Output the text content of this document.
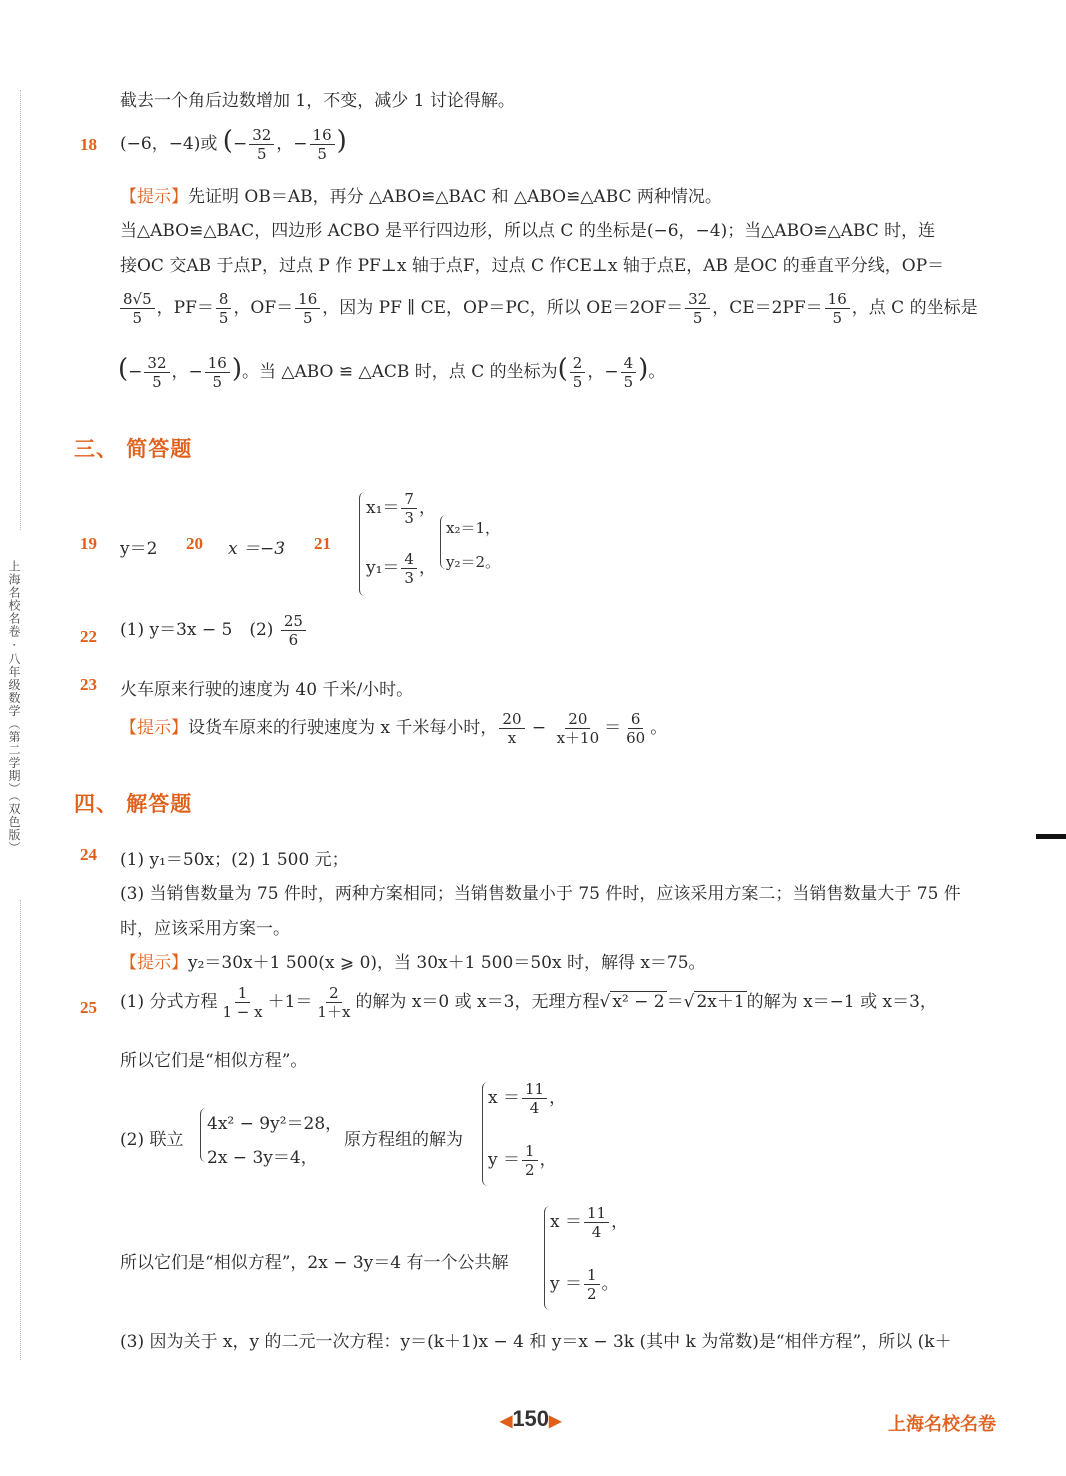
上海名校名卷 · 八年级数学（第二学期）（双色版）
截去一个角后边数增加 1，不变，减少 1 讨论得解。
18 (−6，−4)或 (− $\frac{32}{5}$ ，− $\frac{16}{5}$ )
【提示】先证明 OB＝AB，再分 △ABO≌△BAC 和 △ABO≌△ABC 两种情况。
当△ABO≌△BAC，四边形 ACBO 是平行四边形，所以点 C 的坐标是(−6，−4)；当△ABO≌△ABC 时，连
接OC 交AB 于点P，过点 P 作 PF⊥x 轴于点F，过点 C 作CE⊥x 轴于点E，AB 是OC 的垂直平分线，OP＝
$\frac{8√5}{5}$ ，$PF= \frac{8}{5}$ ，$OF= \frac{16}{5}$ ，因为 PF ∥ CE，OP＝PC，所以 $OE=2OF= \frac{32}{5}$ ，$CE=2PF= \frac{16}{5}$ ，点 C 的坐标是
(− $\frac{32}{5}$ ，− $\frac{16}{5}$ )。当 △ABO ≌ △ACB 时，点 C 的坐标为( $\frac{2}{5}$ ，− $\frac{4}{5}$ )。
三、 简答题
19 y＝2 20 x ＝−3 21
$x_1= \frac{7}{3}$ ，
$y_1= \frac{4}{3}$ ，
x₂＝1，
y₂＝2。
22 (1) y＝3x − 5　$(2) \frac{25}{6}$
23 火车原来行驶的速度为 40 千米/小时。
【提示】设货车原来的行驶速度为 x 千米每小时， $\frac{20}{x} - \frac{20}{x+10} = \frac{6}{60}$ 。
四、 解答题
24 (1) y₁＝50x；(2) 1 500 元；
(3) 当销售数量为 75 件时，两种方案相同；当销售数量小于 75 件时，应该采用方案二；当销售数量大于 75 件
时，应该采用方案一。
【提示】y₂＝30x＋1 500(x ⩾ 0)，当 30x＋1 500＝50x 时，解得 x＝75。
25 (1) 分式方程 $\frac{1}{1 - x} +1= \frac{2}{1+x}$ 的解为 x＝0 或 x＝3，无理方程√ x² − 2 ＝√ 2x＋1 的解为 x＝−1 或 x＝3，
所以它们是“相似方程”。
(2) 联立
4x² − 9y²＝28，
2x − 3y＝4，
原方程组的解为
$x = \frac{11}{4}$ ，
$y = \frac{1}{2}$ ，
所以它们是“相似方程”，2x − 3y＝4 有一个公共解
$x = \frac{11}{4}$ ，
$y = \frac{1}{2}$ 。
(3) 因为关于 x，y 的二元一次方程：y＝(k＋1)x − 4 和 y＝x − 3k (其中 k 为常数)是“相伴方程”，所以 (k＋
◀150▶	上海名校名卷
